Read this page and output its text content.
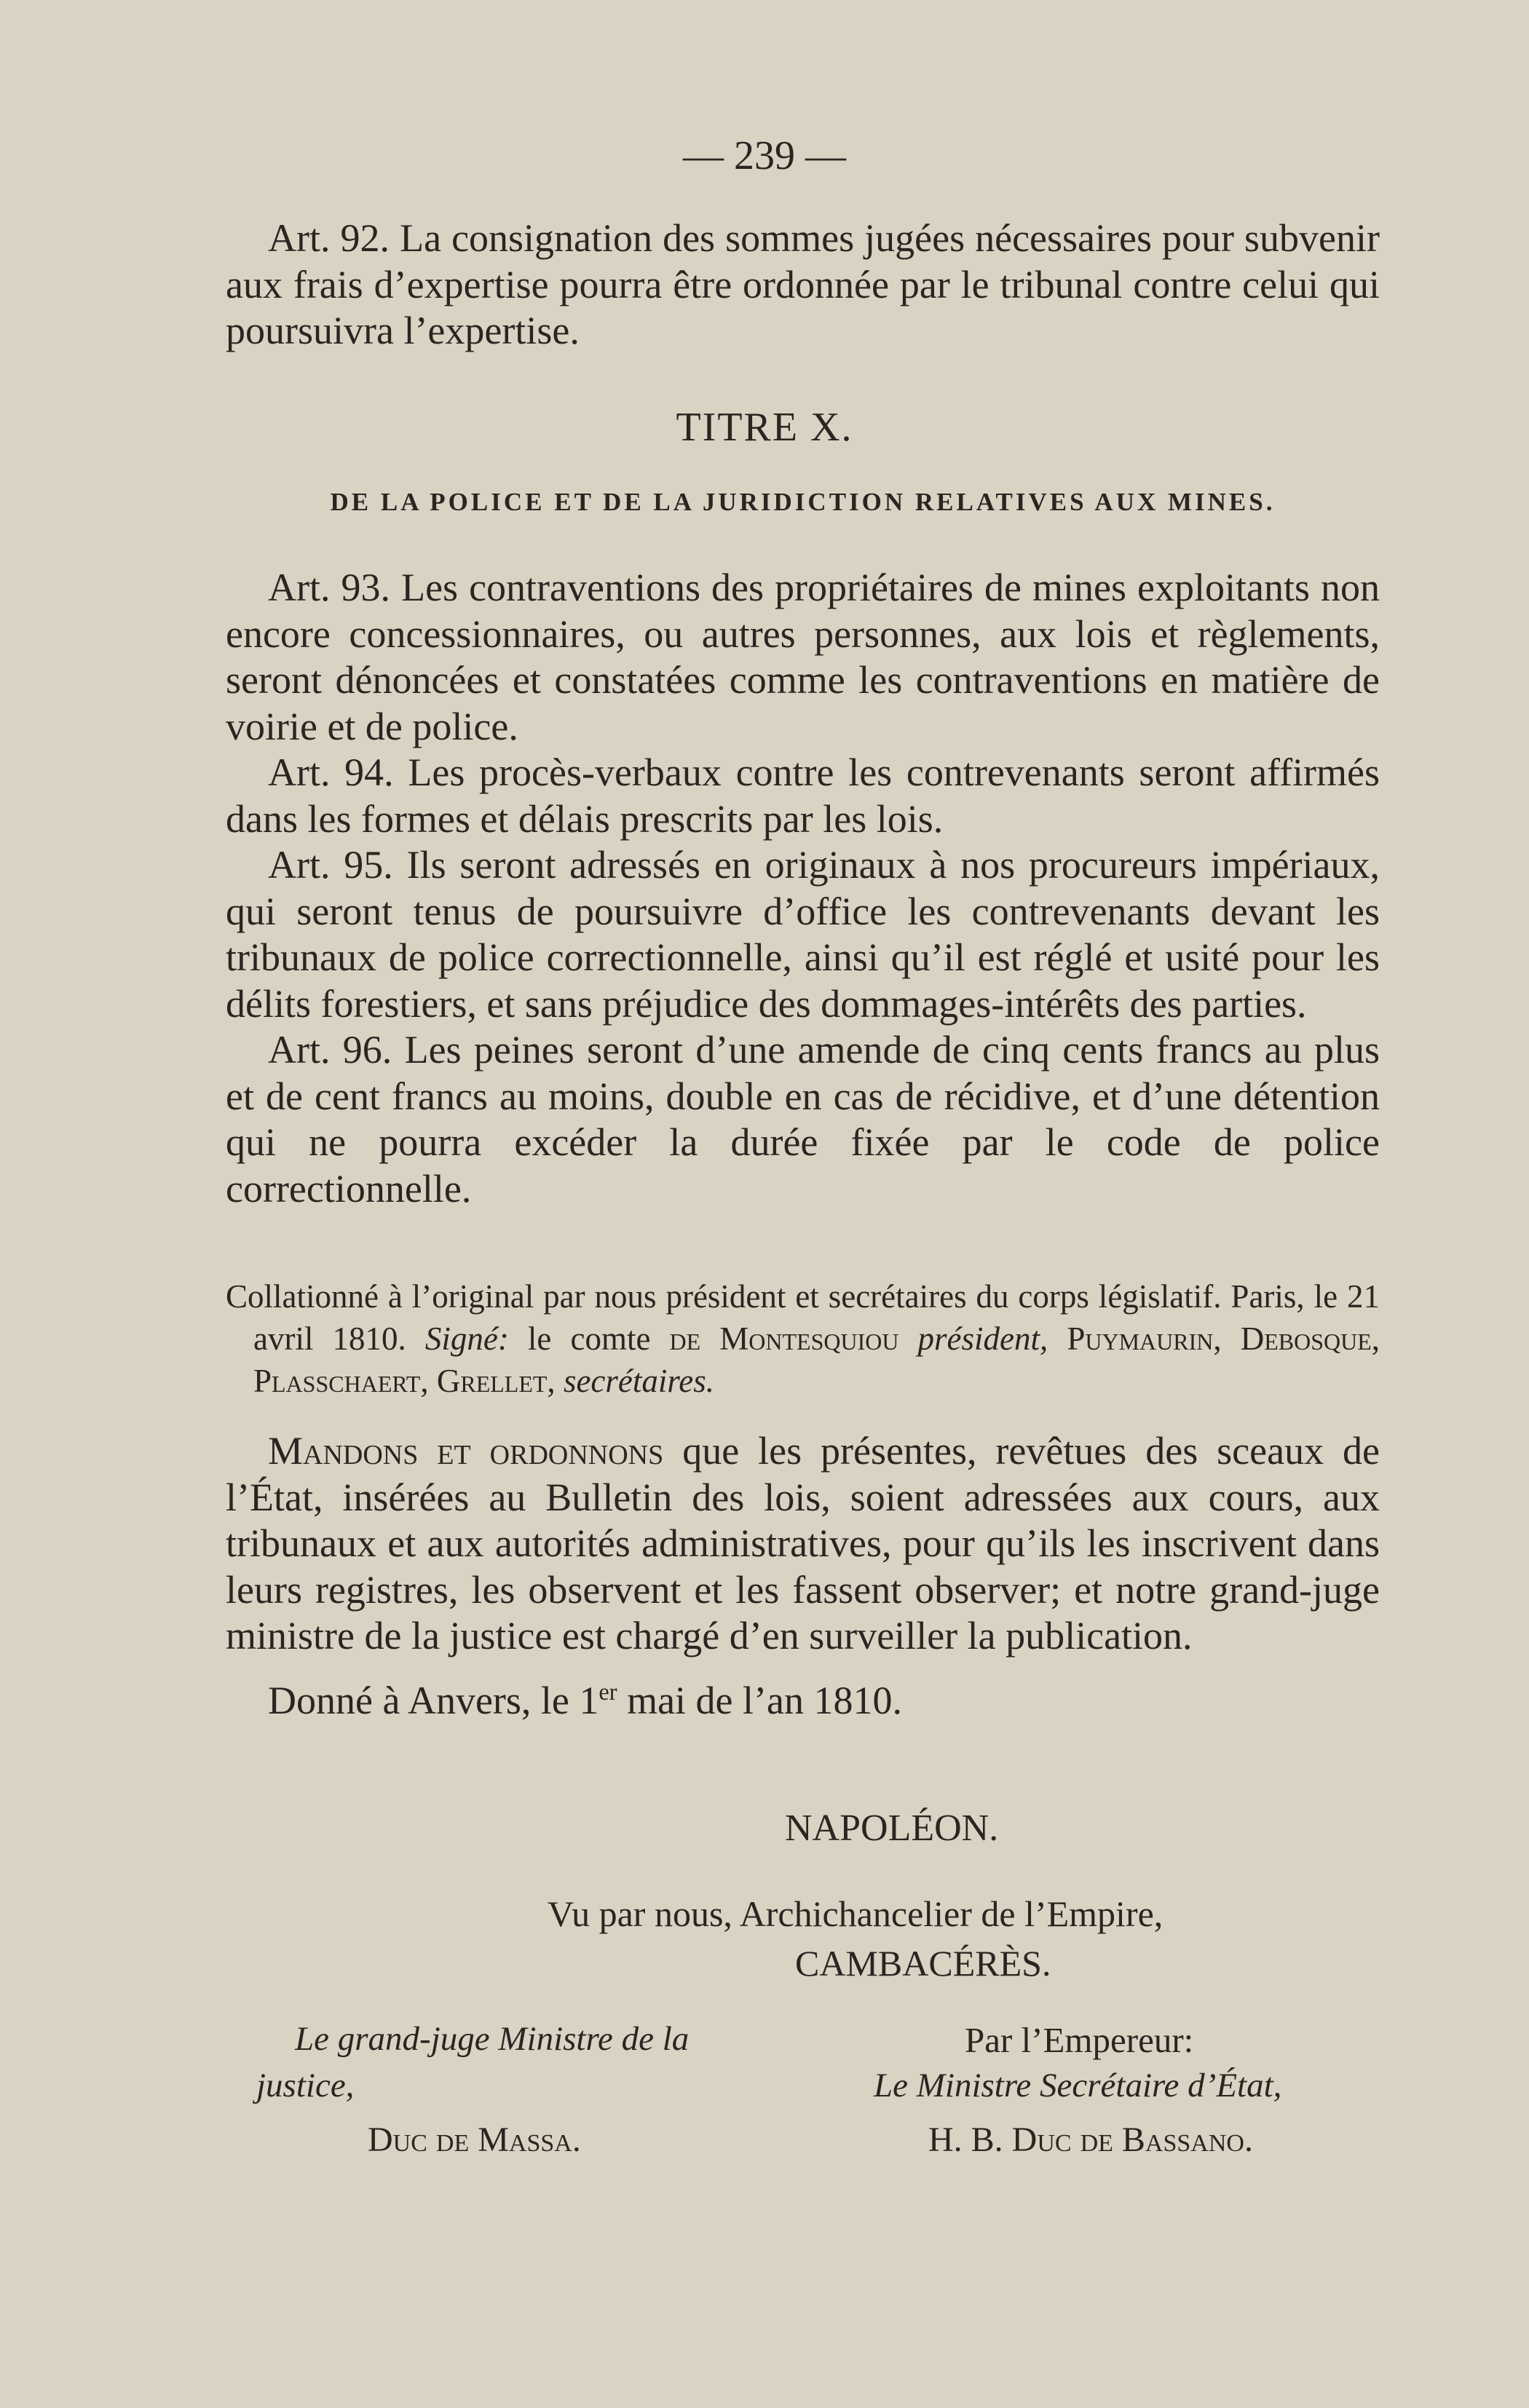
— 239 —

Art. 92. La consignation des sommes jugées nécessaires pour subvenir aux frais d’expertise pourra être ordonnée par le tribunal contre celui qui poursuivra l’expertise.

TITRE X.
DE LA POLICE ET DE LA JURIDICTION RELATIVES AUX MINES.

Art. 93. Les contraventions des propriétaires de mines exploitants non encore concessionnaires, ou autres personnes, aux lois et règlements, seront dénoncées et constatées comme les contraventions en matière de voirie et de police.

Art. 94. Les procès-verbaux contre les contrevenants seront affirmés dans les formes et délais prescrits par les lois.

Art. 95. Ils seront adressés en originaux à nos procureurs impériaux, qui seront tenus de poursuivre d’office les contrevenants devant les tribunaux de police correctionnelle, ainsi qu’il est réglé et usité pour les délits forestiers, et sans préjudice des dommages-intérêts des parties.

Art. 96. Les peines seront d’une amende de cinq cents francs au plus et de cent francs au moins, double en cas de récidive, et d’une détention qui ne pourra excéder la durée fixée par le code de police correctionnelle.

Collationné à l’original par nous président et secrétaires du corps législatif. Paris, le 21 avril 1810. Signé: le comte de Montesquiou président, Puymaurin, Debosque, Plasschaert, Grellet, secrétaires.

Mandons et ordonnons que les présentes, revêtues des sceaux de l’État, insérées au Bulletin des lois, soient adressées aux cours, aux tribunaux et aux autorités administratives, pour qu’ils les inscrivent dans leurs registres, les observent et les fassent observer; et notre grand-juge ministre de la justice est chargé d’en surveiller la publication.

Donné à Anvers, le 1er mai de l’an 1810.

NAPOLÉON.
Vu par nous, Archichancelier de l’Empire,
CAMBACÉRÈS.
Le grand-juge Ministre de la
justice,
Duc de Massa.
Par l’Empereur:
Le Ministre Secrétaire d’État,
H. B. Duc de Bassano.
